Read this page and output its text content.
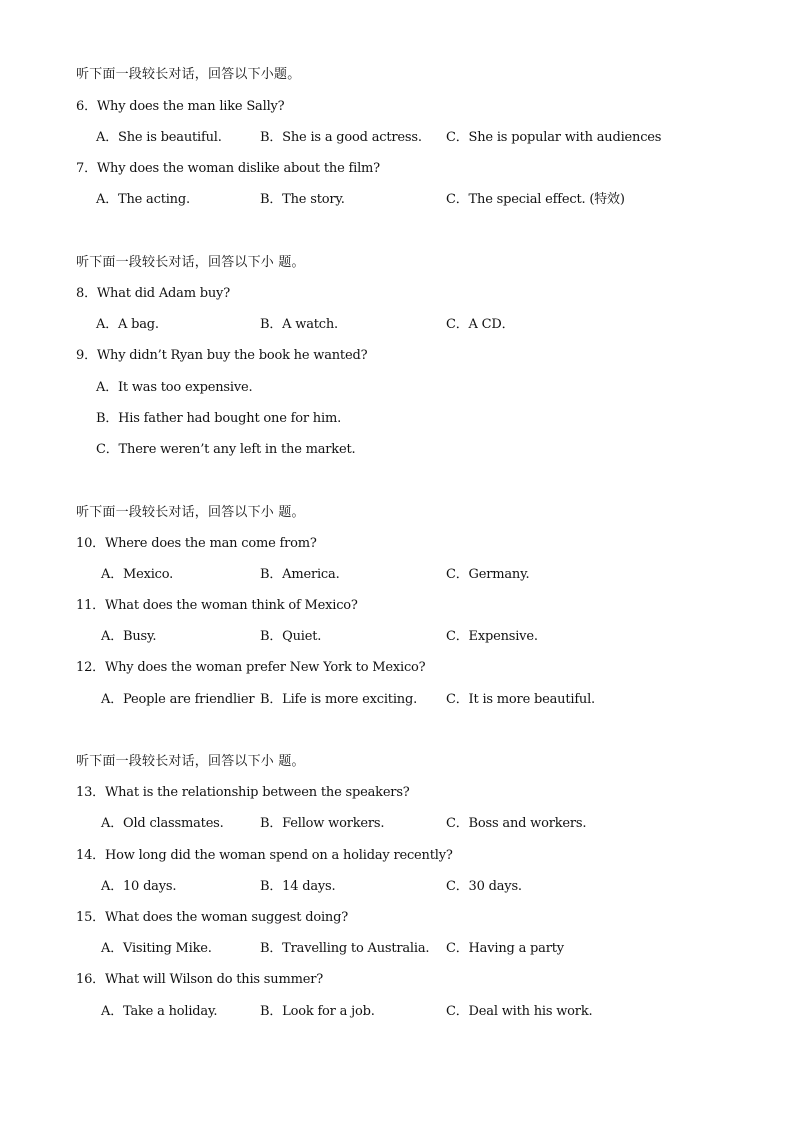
听下面一段较长对话，回答以下小题。
6．Why does the man like Sally?
A．She is beautiful.	B．She is a good actress. C．She is popular with audiences
7．Why does the woman dislike about the film?
A．The acting.	B．The story.	C．The special effect. (特效)
听下面一段较长对话，回答以下小 题。
8．What did Adam buy?
A．A bag.	B．A watch.	C．A CD．
9．Why didn’t Ryan buy the book he wanted?
A．It was too expensive.
B．His father had bought one for him.
C．There weren’t any left in the market.
听下面一段较长对话，回答以下小 题。
10．Where does the man come from?
A．Mexico.	B．America.	C．Germany.
11．What does the woman think of Mexico?
A．Busy.	B．Quiet.	C．Expensive.
12．Why does the woman prefer New York to Mexico?
A．People are friendlier B．Life is more exciting. C．It is more beautiful.
听下面一段较长对话，回答以下小 题。
13．What is the relationship between the speakers?
A．Old classmates.	B．Fellow workers.	C．Boss and workers.
14．How long did the woman spend on a holiday recently?
A．10 days.	B．14 days.	C．30 days.
15．What does the woman suggest doing?
A．Visiting Mike.	B．Travelling to Australia. C．Having a party
16．What will Wilson do this summer?
A．Take a holiday.	B．Look for a job.	C．Deal with his work.
